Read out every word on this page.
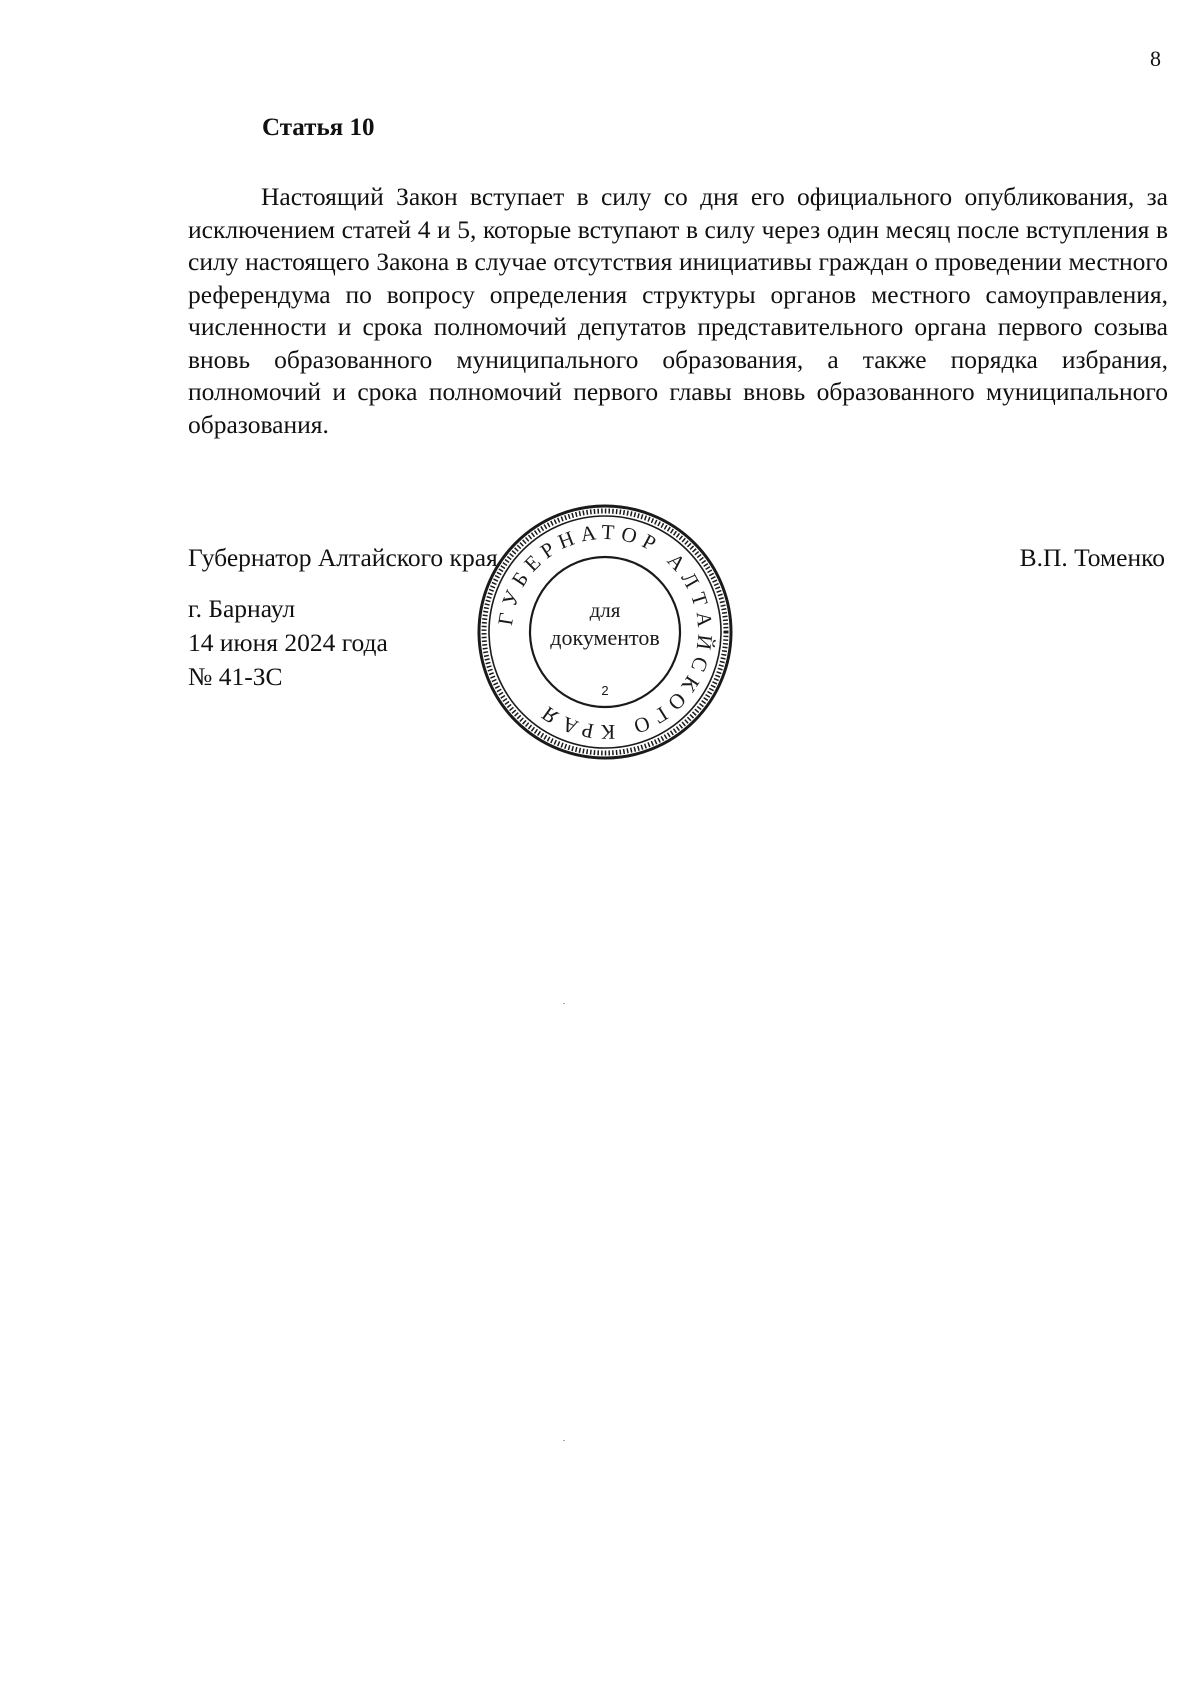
8
Статья 10

Настоящий Закон вступает в силу со дня его официального опубликования, за исключением статей 4 и 5, которые вступают в силу через один месяц после вступления в силу настоящего Закона в случае отсутствия инициативы граждан о проведении местного референдума по вопросу определения структуры органов местного самоуправления, численности и срока полномочий депутатов представительного органа первого созыва вновь образованного муниципального образования, а также порядка избрания, полномочий и срока полномочий первого главы вновь образованного муниципального образования.

Губернатор Алтайского края	В.П. Томенко
г. Барнаул
14 июня 2024 года
№ 41-ЗС
ГУБЕРНАТОР АЛТАЙСКОГО КРАЯ
для
документов
2
